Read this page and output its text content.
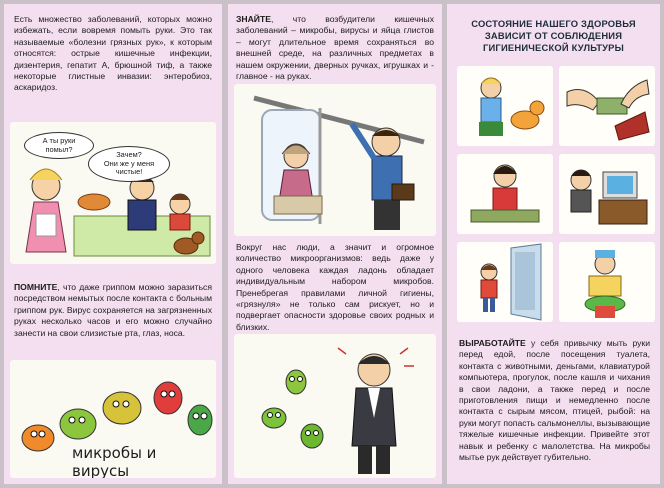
Есть множество заболеваний, которых можно избежать, если вовремя помыть руки. Это так называемые «болезни грязных рук», к которым относятся: острые кишечные инфекции, дизентерия, гепатит А, брюшной тиф, а также некоторые глистные инвазии: энтеробиоз, аскаридоз.

А ты руки помыл?
Зачем?
Они же у меня чистые!

ПОМНИТЕ, что даже гриппом можно заразиться посредством немытых после контакта с больным гриппом рук. Вирус сохраняется на загрязненных руках несколько часов и его можно случайно занести на свои слизистые рта, глаз, носа.

микробы и вирусы

ЗНАЙТЕ, что возбудители кишечных заболеваний – микробы, вирусы и яйца глистов – могут длительное время сохраняться во внешней среде, на различных предметах в нашем окружении, дверных ручках, игрушках и - главное - на руках.

Вокруг нас люди, а значит и огромное количество микроорганизмов: ведь даже у одного человека каждая ладонь обладает индивидуальным набором микробов. Пренебрегая правилами личной гигиены, «грязнуля» не только сам рискует, но и подвергает опасности здоровье своих родных и близких.

СОСТОЯНИЕ НАШЕГО ЗДОРОВЬЯ ЗАВИСИТ ОТ СОБЛЮДЕНИЯ ГИГИЕНИЧЕСКОЙ КУЛЬТУРЫ

ВЫРАБОТАЙТЕ у себя привычку мыть руки перед едой, после посещения туалета, контакта с животными, деньгами, клавиатурой компьютера, прогулок, после кашля и чихания в свои ладони, а также перед и после приготовления пищи и немедленно после контакта с сырым мясом, птицей, рыбой: на руки могут попасть сальмонеллы, вызывающие тяжелые кишечные инфекции. Привейте этот навык и ребенку с малолетства. На микробы мытье рук действует губительно.
